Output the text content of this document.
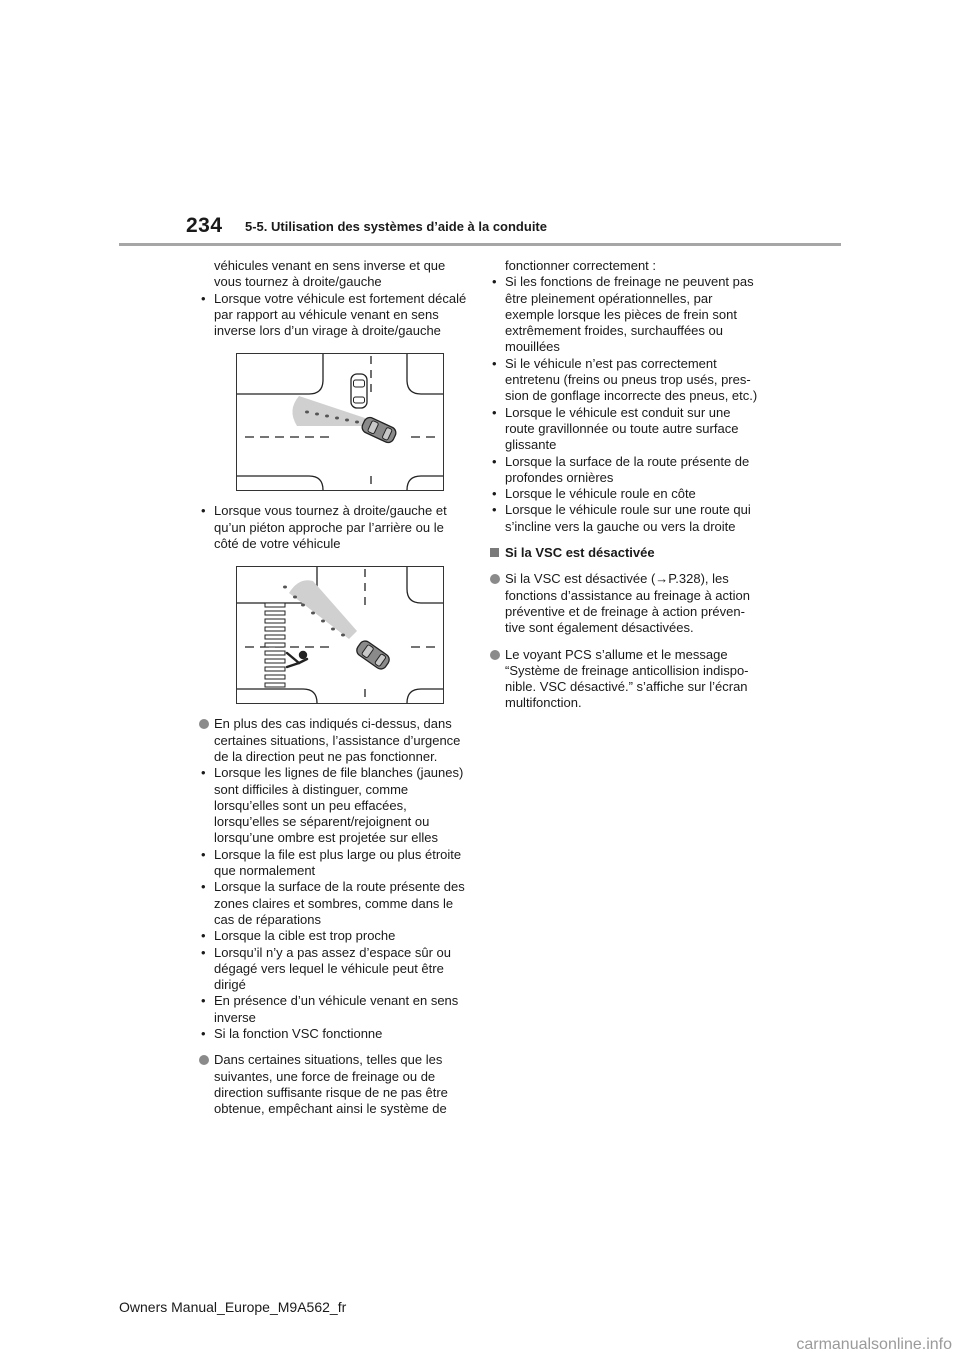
234 5-5. Utilisation des systèmes d’aide à la conduite

véhicules venant en sens inverse et que vous tournez à droite/gauche

• Lorsque votre véhicule est fortement décalé par rapport au véhicule venant en sens inverse lors d’un virage à droite/gauche
• Lorsque vous tournez à droite/gauche et qu’un piéton approche par l’arrière ou le côté de votre véhicule
En plus des cas indiqués ci-dessus, dans certaines situations, l’assistance d’urgence de la direction peut ne pas fonctionner.
• Lorsque les lignes de file blanches (jaunes) sont difficiles à distinguer, comme lorsqu’elles sont un peu effacées, lorsqu’elles se séparent/rejoignent ou lorsqu’une ombre est projetée sur elles
• Lorsque la file est plus large ou plus étroite que normalement
• Lorsque la surface de la route présente des zones claires et sombres, comme dans le cas de réparations
• Lorsque la cible est trop proche
• Lorsqu’il n’y a pas assez d’espace sûr ou dégagé vers lequel le véhicule peut être dirigé
• En présence d’un véhicule venant en sens inverse
• Si la fonction VSC fonctionne
Dans certaines situations, telles que les suivantes, une force de freinage ou de direction suffisante risque de ne pas être obtenue, empêchant ainsi le système de

fonctionner correctement :

• Si les fonctions de freinage ne peuvent pas être pleinement opérationnelles, par exemple lorsque les pièces de frein sont extrêmement froides, surchauffées ou mouillées
• Si le véhicule n’est pas correctement entretenu (freins ou pneus trop usés, pres-sion de gonflage incorrecte des pneus, etc.)
• Lorsque le véhicule est conduit sur une route gravillonnée ou toute autre surface glissante
• Lorsque la surface de la route présente de profondes ornières
• Lorsque le véhicule roule en côte
• Lorsque le véhicule roule sur une route qui s’incline vers la gauche ou vers la droite
Si la VSC est désactivée
Si la VSC est désactivée (→P.328), les fonctions d’assistance au freinage à action préventive et de freinage à action préven-tive sont également désactivées.
Le voyant PCS s’allume et le message “Système de freinage anticollision indispo-nible. VSC désactivé.” s’affiche sur l’écran multifonction.
Owners Manual_Europe_M9A562_fr
carmanualsonline.info
